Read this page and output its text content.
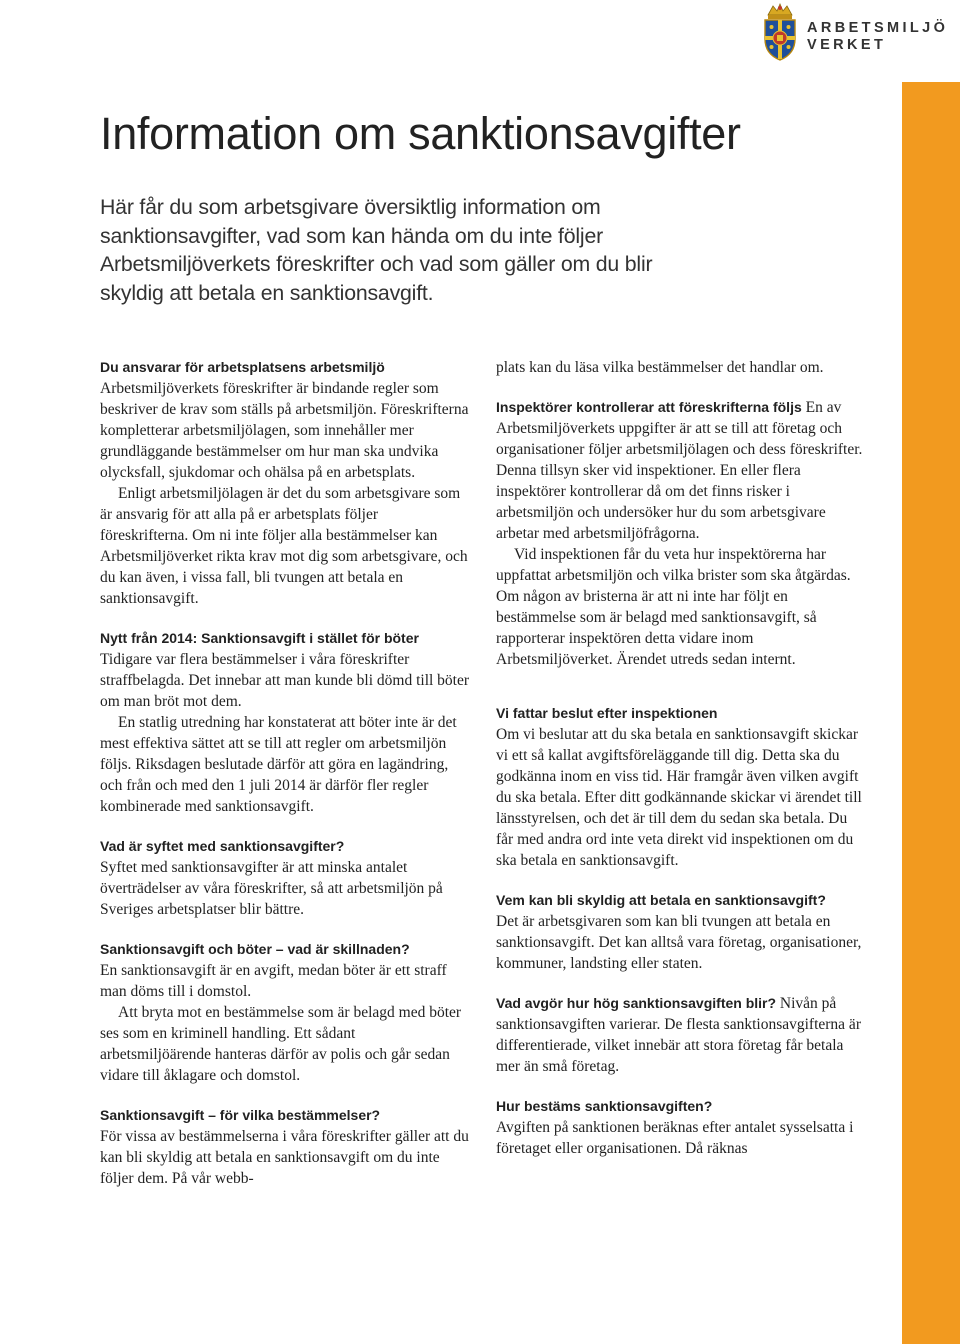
ARBETSMILJÖ
VERKET
Information om sanktionsavgifter

Här får du som arbetsgivare översiktlig information om sanktionsavgifter, vad som kan hända om du inte följer Arbetsmiljöverkets föreskrifter och vad som gäller om du blir skyldig att betala en sanktionsavgift.

Du ansvarar för arbetsplatsens arbetsmiljö

Arbetsmiljöverkets föreskrifter är bindande regler som beskriver de krav som ställs på arbetsmiljön. Föreskrifterna kompletterar arbetsmiljölagen, som innehåller mer grundläggande bestämmelser om hur man ska undvika olycksfall, sjukdomar och ohälsa på en arbetsplats.

Enligt arbetsmiljölagen är det du som arbetsgivare som är ansvarig för att alla på er arbetsplats följer föreskrifterna. Om ni inte följer alla bestämmelser kan Arbetsmiljöverket rikta krav mot dig som arbetsgivare, och du kan även, i vissa fall, bli tvungen att betala en sanktionsavgift.

Nytt från 2014: Sanktionsavgift i stället för böter

Tidigare var flera bestämmelser i våra föreskrifter straffbelagda. Det innebar att man kunde bli dömd till böter om man bröt mot dem.

En statlig utredning har konstaterat att böter inte är det mest effektiva sättet att se till att regler om arbetsmiljön följs. Riksdagen beslutade därför att göra en lagändring, och från och med den 1 juli 2014 är därför fler regler kombinerade med sanktionsavgift.

Vad är syftet med sanktionsavgifter?

Syftet med sanktionsavgifter är att minska antalet överträdelser av våra föreskrifter, så att arbetsmiljön på Sveriges arbetsplatser blir bättre.

Sanktionsavgift och böter – vad är skillnaden?

En sanktionsavgift är en avgift, medan böter är ett straff man döms till i domstol.

Att bryta mot en bestämmelse som är belagd med böter ses som en kriminell handling. Ett sådant arbetsmiljöärende hanteras därför av polis och går sedan vidare till åklagare och domstol.

Sanktionsavgift – för vilka bestämmelser?

För vissa av bestämmelserna i våra föreskrifter gäller att du kan bli skyldig att betala en sanktionsavgift om du inte följer dem. På vår webb-

plats kan du läsa vilka bestämmelser det handlar om.

Inspektörer kontrollerar att föreskrifterna följs En av Arbetsmiljöverkets uppgifter är att se till att företag och organisationer följer arbetsmiljölagen och dess föreskrifter. Denna tillsyn sker vid inspektioner. En eller flera inspektörer kontrollerar då om det finns risker i arbetsmiljön och undersöker hur du som arbetsgivare arbetar med arbetsmiljöfrågorna.

Vid inspektionen får du veta hur inspektörerna har uppfattat arbetsmiljön och vilka brister som ska åtgärdas. Om någon av bristerna är att ni inte har följt en bestämmelse som är belagd med sanktionsavgift, så rapporterar inspektören detta vidare inom Arbetsmiljöverket. Ärendet utreds sedan internt.

Vi fattar beslut efter inspektionen

Om vi beslutar att du ska betala en sanktionsavgift skickar vi ett så kallat avgiftsföreläggande till dig. Detta ska du godkänna inom en viss tid. Här framgår även vilken avgift du ska betala. Efter ditt godkännande skickar vi ärendet till länsstyrelsen, och det är till dem du sedan ska betala. Du får med andra ord inte veta direkt vid inspektionen om du ska betala en sanktionsavgift.

Vem kan bli skyldig att betala en sanktionsavgift?

Det är arbetsgivaren som kan bli tvungen att betala en sanktionsavgift. Det kan alltså vara företag, organisationer, kommuner, landsting eller staten.

Vad avgör hur hög sanktionsavgiften blir? Nivån på sanktionsavgiften varierar. De flesta sanktionsavgifterna är differentierade, vilket innebär att stora företag får betala mer än små företag.

Hur bestäms sanktionsavgiften?

Avgiften på sanktionen beräknas efter antalet sysselsatta i företaget eller organisationen. Då räknas
